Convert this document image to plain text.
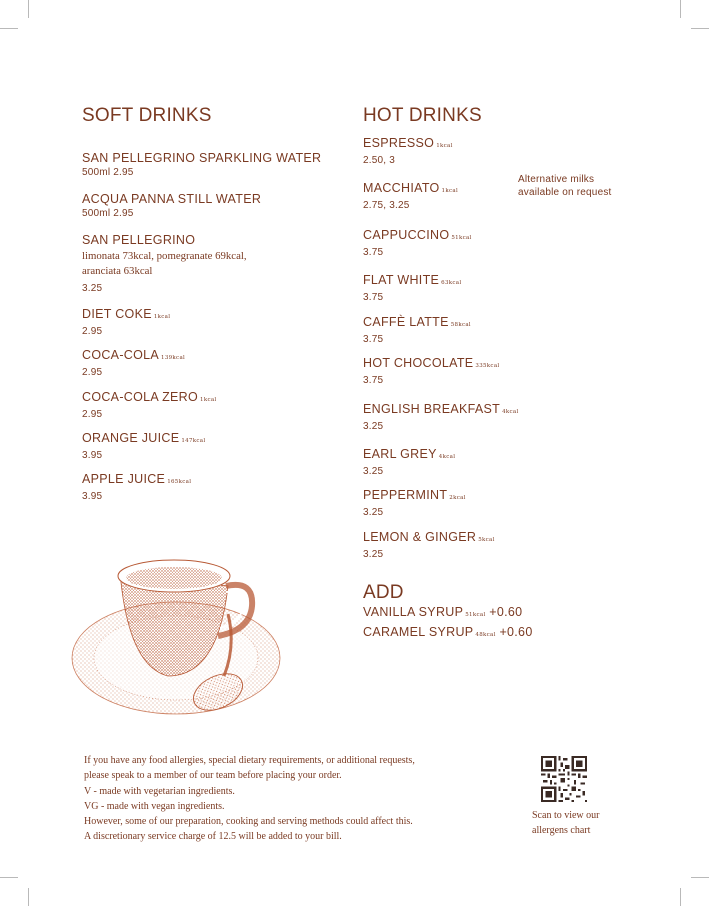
SOFT DRINKS
SAN PELLEGRINO SPARKLING WATER
500ml 2.95
ACQUA PANNA STILL WATER
500ml 2.95
SAN PELLEGRINO
limonata 73kcal, pomegranate 69kcal,
aranciata 63kcal
3.25
DIET COKE 1kcal
2.95
COCA-COLA 139kcal
2.95
COCA-COLA ZERO 1kcal
2.95
ORANGE JUICE 147kcal
3.95
APPLE JUICE 165kcal
3.95
HOT DRINKS
ESPRESSO 1kcal
2.50, 3
MACCHIATO 1kcal
2.75, 3.25
CAPPUCCINO 51kcal
3.75
FLAT WHITE 63kcal
3.75
CAFFÈ LATTE 58kcal
3.75
HOT CHOCOLATE 335kcal
3.75
ENGLISH BREAKFAST 4kcal
3.25
EARL GREY 4kcal
3.25
PEPPERMINT 2kcal
3.25
LEMON & GINGER 5kcal
3.25
Alternative milks
available on request
ADD
VANILLA SYRUP 51kcal +0.60
CARAMEL SYRUP 48kcal +0.60
If you have any food allergies, special dietary requirements, or additional requests,
please speak to a member of our team before placing your order.
V - made with vegetarian ingredients.
VG - made with vegan ingredients.
However, some of our preparation, cooking and serving methods could affect this.
A discretionary service charge of 12.5 will be added to your bill.
Scan to view our
allergens chart
